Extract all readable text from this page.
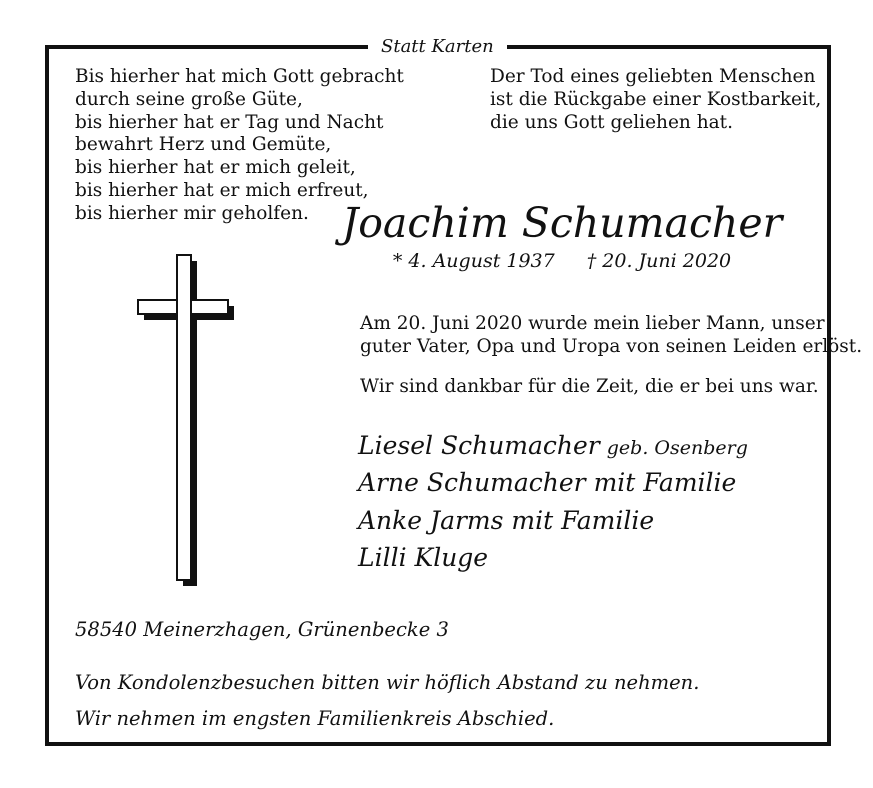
Statt Karten
Bis hierher hat mich Gott gebracht
durch seine große Güte,
bis hierher hat er Tag und Nacht
bewahrt Herz und Gemüte,
bis hierher hat er mich geleit,
bis hierher hat er mich erfreut,
bis hierher mir geholfen.
Der Tod eines geliebten Menschen
ist die Rückgabe einer Kostbarkeit,
die uns Gott geliehen hat.
Joachim Schumacher
* 4. August 1937 † 20. Juni 2020
Am 20. Juni 2020 wurde mein lieber Mann, unser
guter Vater, Opa und Uropa von seinen Leiden erlöst.
Wir sind dankbar für die Zeit, die er bei uns war.
Liesel Schumacher geb. Osenberg
Arne Schumacher mit Familie
Anke Jarms mit Familie
Lilli Kluge
58540 Meinerzhagen, Grünenbecke 3
Von Kondolenzbesuchen bitten wir höflich Abstand zu nehmen.
Wir nehmen im engsten Familienkreis Abschied.
